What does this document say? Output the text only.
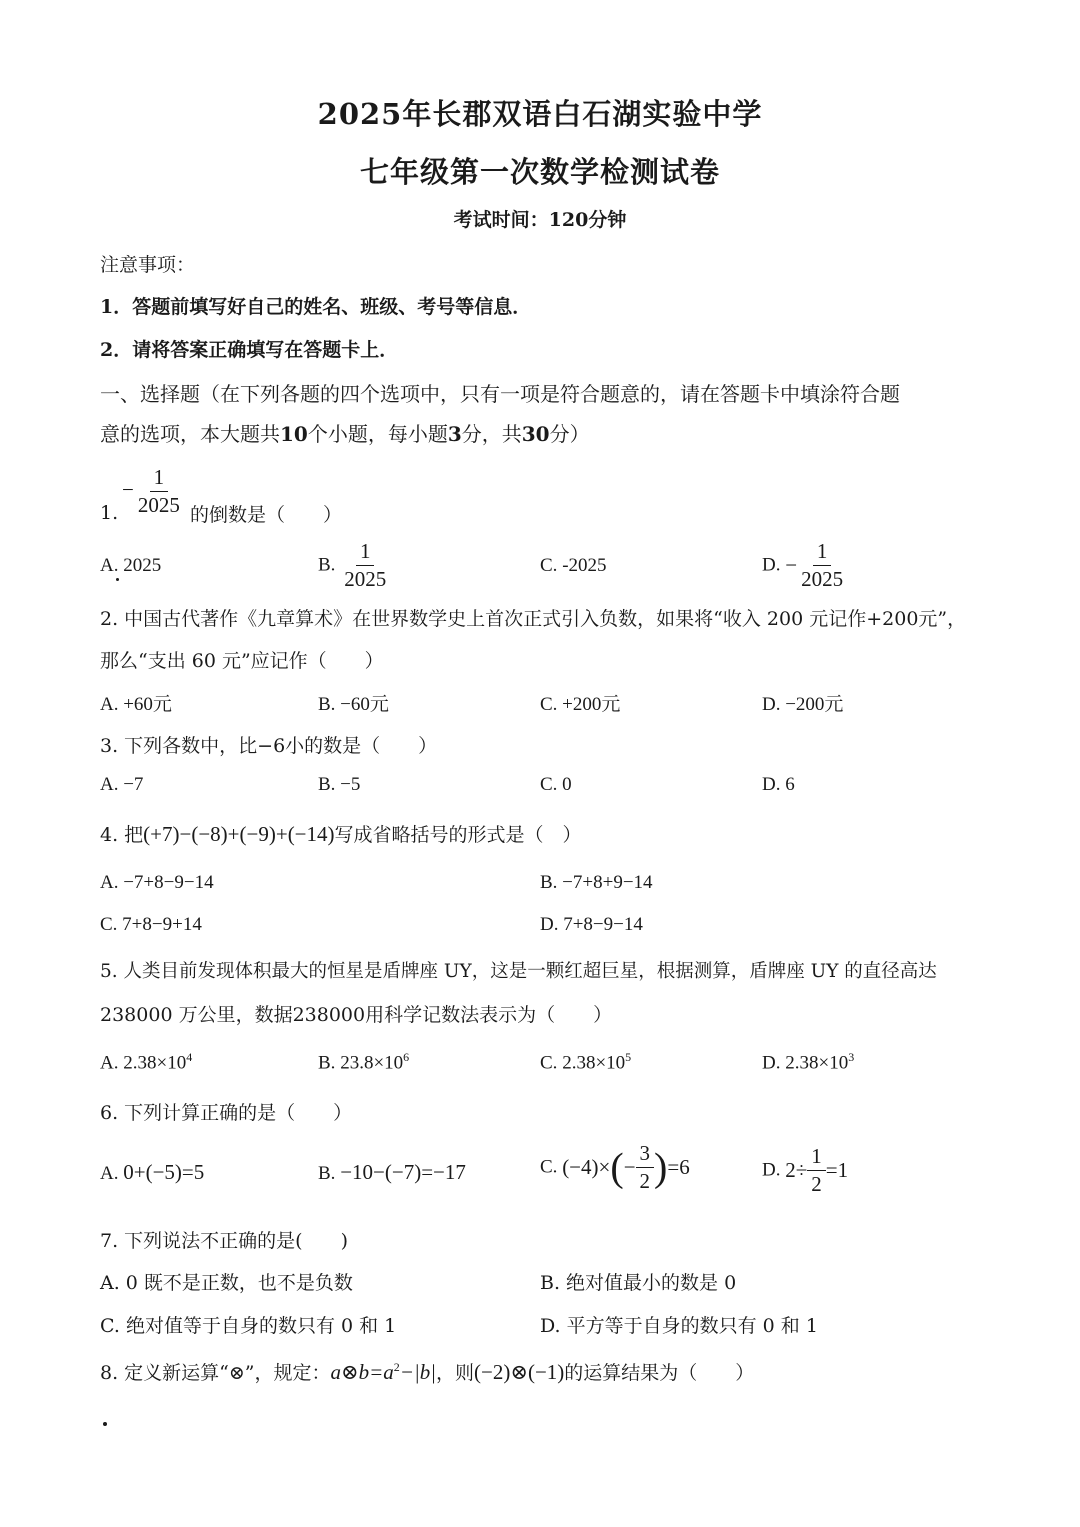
2025年长郡双语白石湖实验中学
七年级第一次数学检测试卷
考试时间：120分钟
注意事项：
1．答题前填写好自己的姓名、班级、考号等信息．
2．请将答案正确填写在答题卡上．
一、选择题（在下列各题的四个选项中，只有一项是符合题意的，请在答题卡中填涂符合题
意的选项，本大题共10个小题，每小题3分，共30分）
1.
− $\frac{1}{2025}$ 的倒数是（　　）
A. 2025	B. $\frac{1}{2025}$	C. -2025	D. − $\frac{1}{2025}$
2. 中国古代著作《九章算术》在世界数学史上首次正式引入负数，如果将“收入 200 元记作+200元”，
那么“支出 60 元”应记作（　　）
A. +60元	B. −60元	C. +200元	D. −200元
3. 下列各数中，比−6小的数是（　　）
A. −7	B. −5	C. 0	D. 6
4. 把(+7)−(−8)+(−9)+(−14)写成省略括号的形式是（　）
A. −7+8−9−14	B. −7+8+9−14
C. 7+8−9+14	D. 7+8−9−14
5. 人类目前发现体积最大的恒星是盾牌座 UY，这是一颗红超巨星，根据测算，盾牌座 UY 的直径高达
238000 万公里，数据238000用科学记数法表示为（　　）
A. $2.38\times 10^4$	B. $23.8\times 10^6$	C. $2.38\times 10^5$	D. $2.38\times 10^3$
6. 下列计算正确的是（　　）
A. 0+(−5)=5	B. −10−(−7)=−17	C. $(-4)\times(- \frac{3}{2} )=6$	D. $2\div \frac{1}{2} =1$
7. 下列说法不正确的是(　　)
A. 0 既不是正数，也不是负数	B. 绝对值最小的数是 0
C. 绝对值等于自身的数只有 0 和 1	D. 平方等于自身的数只有 0 和 1
8. 定义新运算“⊗”，规定：$a\otimes b=a^2-|b|$，则(−2)⊗(−1)的运算结果为（　　）
